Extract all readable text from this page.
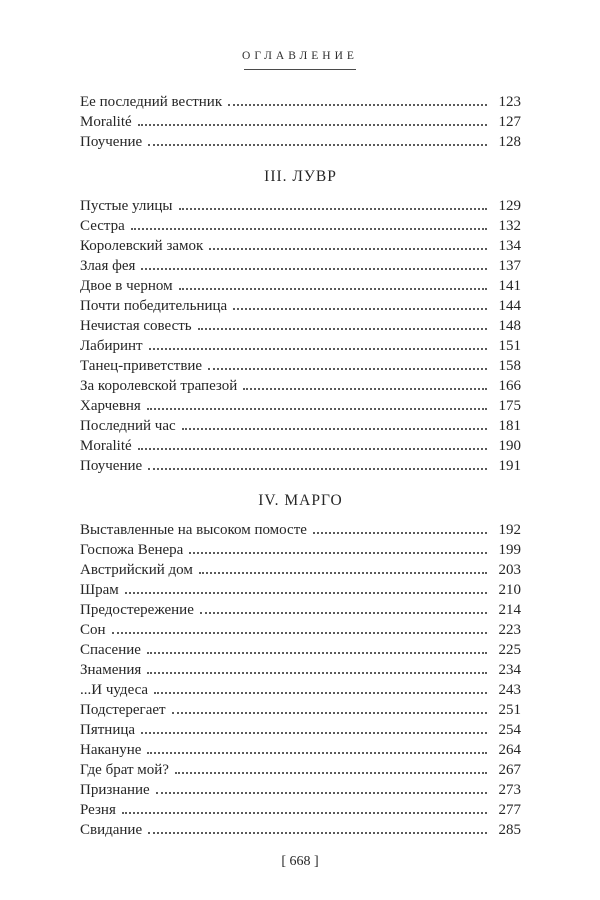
ОГЛАВЛЕНИЕ
Ее последний вестник	123
Moralité	127
Поучение	128
III. ЛУВР
Пустые улицы	129
Сестра	132
Королевский замок	134
Злая фея	137
Двое в черном	141
Почти победительница	144
Нечистая совесть	148
Лабиринт	151
Танец-приветствие	158
За королевской трапезой	166
Харчевня	175
Последний час	181
Moralité	190
Поучение	191
IV. МАРГО
Выставленные на высоком помосте	192
Госпожа Венера	199
Австрийский дом	203
Шрам	210
Предостережение	214
Сон	223
Спасение	225
Знамения	234
...И чудеса	243
Подстерегает	251
Пятница	254
Накануне	264
Где брат мой?	267
Признание	273
Резня	277
Свидание	285
[ 668 ]
